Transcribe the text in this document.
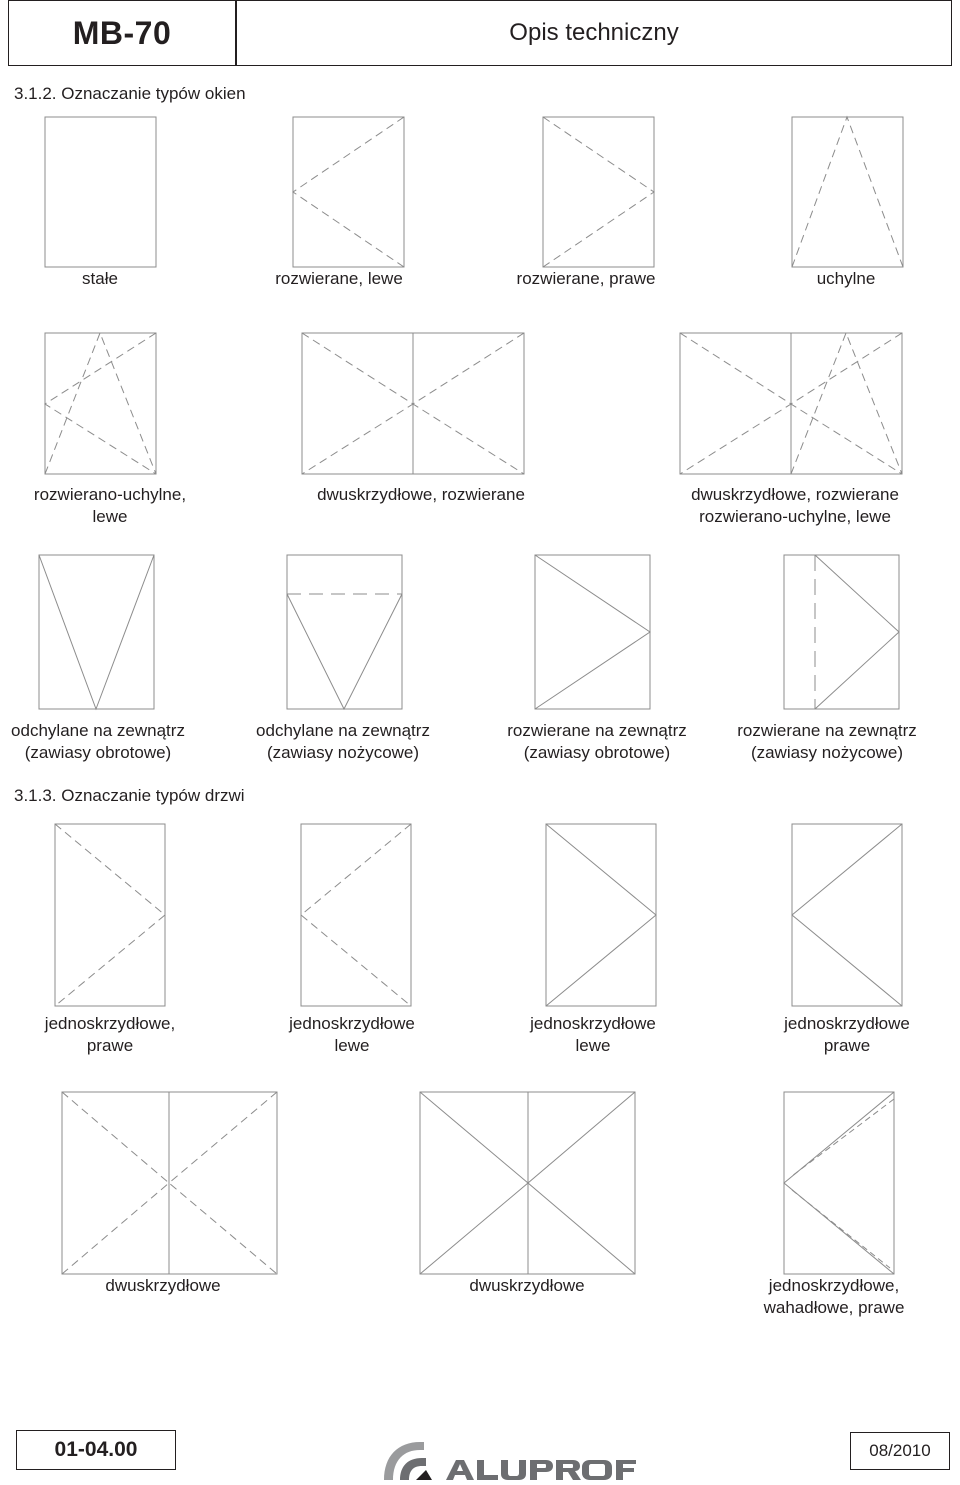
MB-70	Opis techniczny
3.1.2. Oznaczanie typów okien
3.1.3. Oznaczanie typów drzwi
stałe	rozwierane, lewe	rozwierane, prawe	uchylne
rozwierano-uchylne,
lewe
dwuskrzydłowe, rozwierane	dwuskrzydłowe, rozwierane
rozwierano-uchylne, lewe
odchylane na zewnątrz
(zawiasy obrotowe)
odchylane na zewnątrz
(zawiasy nożycowe)
rozwierane na zewnątrz
(zawiasy obrotowe)
rozwierane na zewnątrz
(zawiasy nożycowe)
jednoskrzydłowe,
prawe
jednoskrzydłowe
lewe
jednoskrzydłowe
lewe
jednoskrzydłowe
prawe
dwuskrzydłowe	dwuskrzydłowe	jednoskrzydłowe,
wahadłowe, prawe
01-04.00	08/2010
